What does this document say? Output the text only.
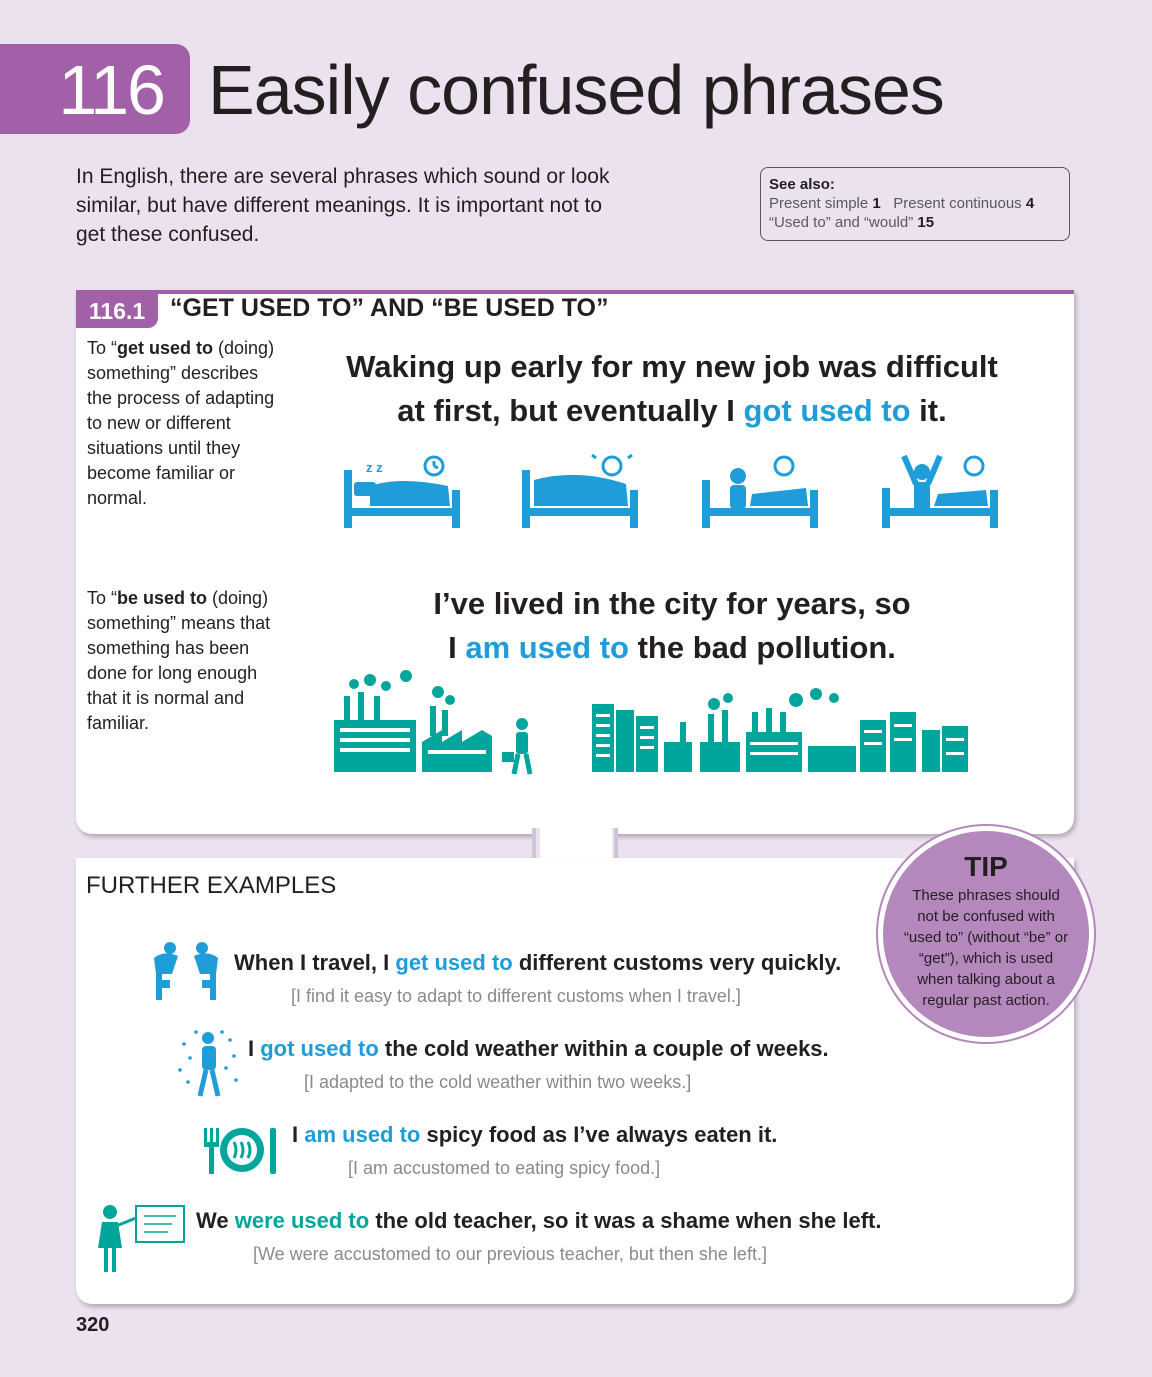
116 Easily confused phrases
In English, there are several phrases which sound or look similar, but have different meanings. It is important not to get these confused.
See also:
Present simple 1 Present continuous 4
“Used to” and “would” 15
116.1 “GET USED TO” AND “BE USED TO”
To “get used to (doing) something” describes the process of adapting to new or different situations until they become familiar or normal.
Waking up early for my new job was difficult
at first, but eventually I got used to it.
z z
To “be used to (doing) something” means that something has been done for long enough that it is normal and familiar.
I’ve lived in the city for years, so
I am used to the bad pollution.
FURTHER EXAMPLES
When I travel, I get used to different customs very quickly.
[I find it easy to adapt to different customs when I travel.]
I got used to the cold weather within a couple of weeks.
[I adapted to the cold weather within two weeks.]
I am used to spicy food as I’ve always eaten it.
[I am accustomed to eating spicy food.]
We were used to the old teacher, so it was a shame when she left.
[We were accustomed to our previous teacher, but then she left.]
TIP
These phrases should not be confused with “used to” (without “be” or “get”), which is used when talking about a regular past action.
320
